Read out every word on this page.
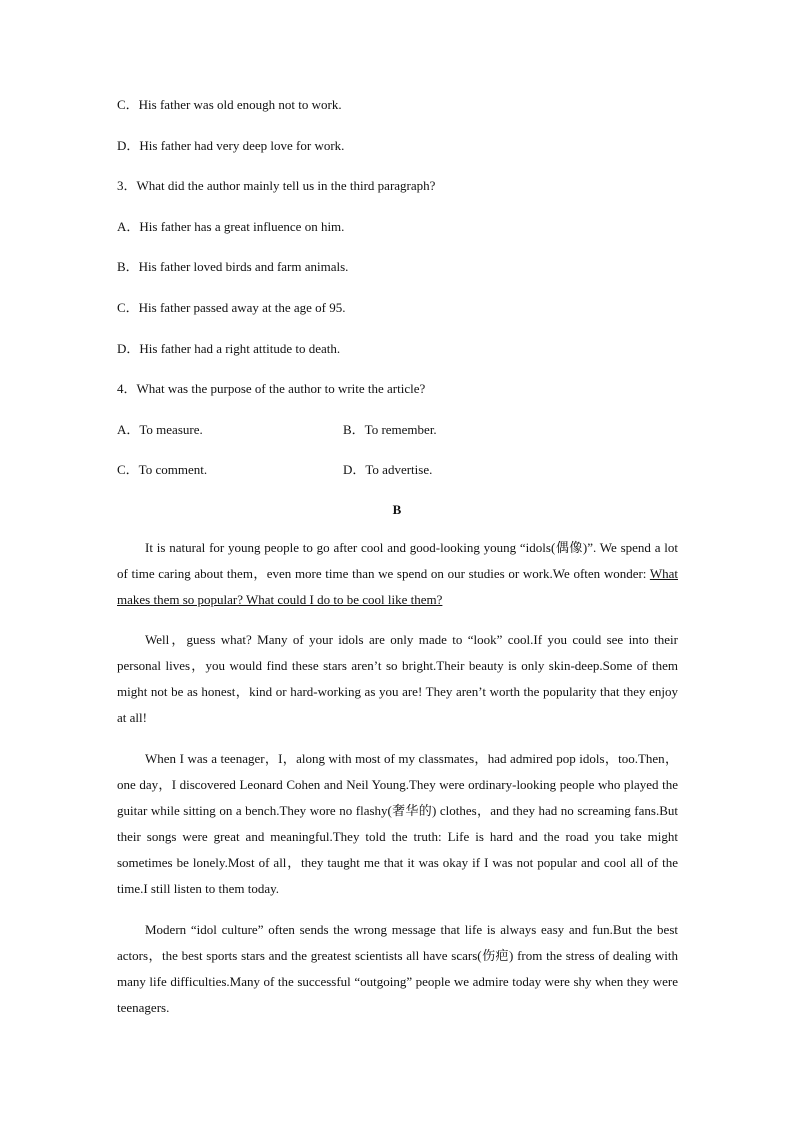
C．His father was old enough not to work.
D．His father had very deep love for work.
3．What did the author mainly tell us in the third paragraph?
A．His father has a great influence on him.
B．His father loved birds and farm animals.
C．His father passed away at the age of 95.
D．His father had a right attitude to death.
4．What was the purpose of the author to write the article?
A．To measure.	B．To remember.
C．To comment.	D．To advertise.
B
It is natural for young people to go after cool and good-looking young “idols(偶像)”. We spend a lot of time caring about them，even more time than we spend on our studies or work.We often wonder: What makes them so popular? What could I do to be cool like them?
Well，guess what? Many of your idols are only made to “look” cool.If you could see into their personal lives，you would find these stars aren’t so bright.Their beauty is only skin-deep.Some of them might not be as honest，kind or hard-working as you are! They aren’t worth the popularity that they enjoy at all!
When I was a teenager，I，along with most of my classmates，had admired pop idols，too.Then，one day，I discovered Leonard Cohen and Neil Young.They were ordinary-looking people who played the guitar while sitting on a bench.They wore no flashy(奢华的) clothes，and they had no screaming fans.But their songs were great and meaningful.They told the truth: Life is hard and the road you take might sometimes be lonely.Most of all，they taught me that it was okay if I was not popular and cool all of the time.I still listen to them today.
Modern “idol culture” often sends the wrong message that life is always easy and fun.But the best actors，the best sports stars and the greatest scientists all have scars(伤疤) from the stress of dealing with many life difficulties.Many of the successful “outgoing” people we admire today were shy when they were teenagers.
